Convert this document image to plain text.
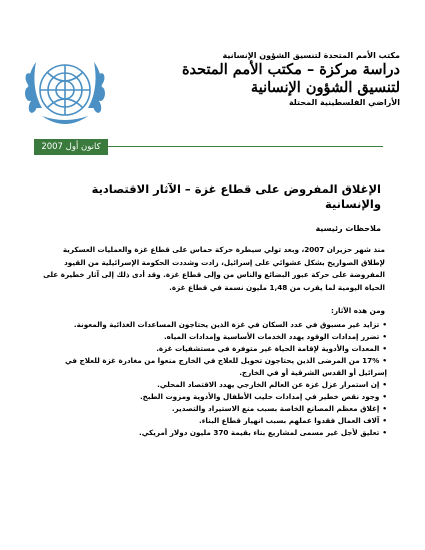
مكتب الأمم المتحدة لتنسيق الشؤون الإنسانية
دراسة مركزة – مكتب الأمم المتحدة
لتنسيق الشؤون الإنسانية
الأراضي الفلسطينية المحتلة
كانون أول 2007
الإغلاق المفروض على قطاع غزة – الآثار الاقتصادية والإنسانية
ملاحظات رئيسية
منذ شهر حزيران 2007، وبعد تولي سيطرة حركة حماس على قطاع غزة والعمليات العسكرية لإطلاق الصواريخ بشكل عشوائي على إسرائيل، زادت وشددت الحكومة الإسرائيلية من القيود المفروضة على حركة عبور البضائع والناس من وإلى قطاع غزة. وقد أدى ذلك إلى آثار خطيرة على الحياة اليومية لما يقرب من 1,48 مليون نسمة في قطاع غزة.
ومن هذه الآثار:
•تزايد غير مسبوق في عدد السكان في غزة الذين يحتاجون المساعدات الغذائية والمعونة.
•تضرر إمدادات الوقود يهدد الخدمات الأساسية وإمدادات المياه.
•المعدات والأدوية لإقامة الحياة غير متوفرة في مستشفيات غزة.
•17% من المرضى الذين يحتاجون تحويل للعلاج في الخارج منعوا من مغادرة غزة للعلاج في إسرائيل أو القدس الشرقية أو في الخارج.
•إن استمرار عزل غزة عن العالم الخارجي يهدد الاقتصاد المحلي.
•وجود نقص خطير في إمدادات حليب الأطفال والأدوية ومزوت الطبخ.
•إغلاق معظم المصانع الخاصة بسبب منع الاستيراد والتصدير.
•آلاف العمال فقدوا عملهم بسبب انهيار قطاع البناء.
•تعليق لأجل غير مسمى لمشاريع بناء بقيمة 370 مليون دولار أمريكي.
